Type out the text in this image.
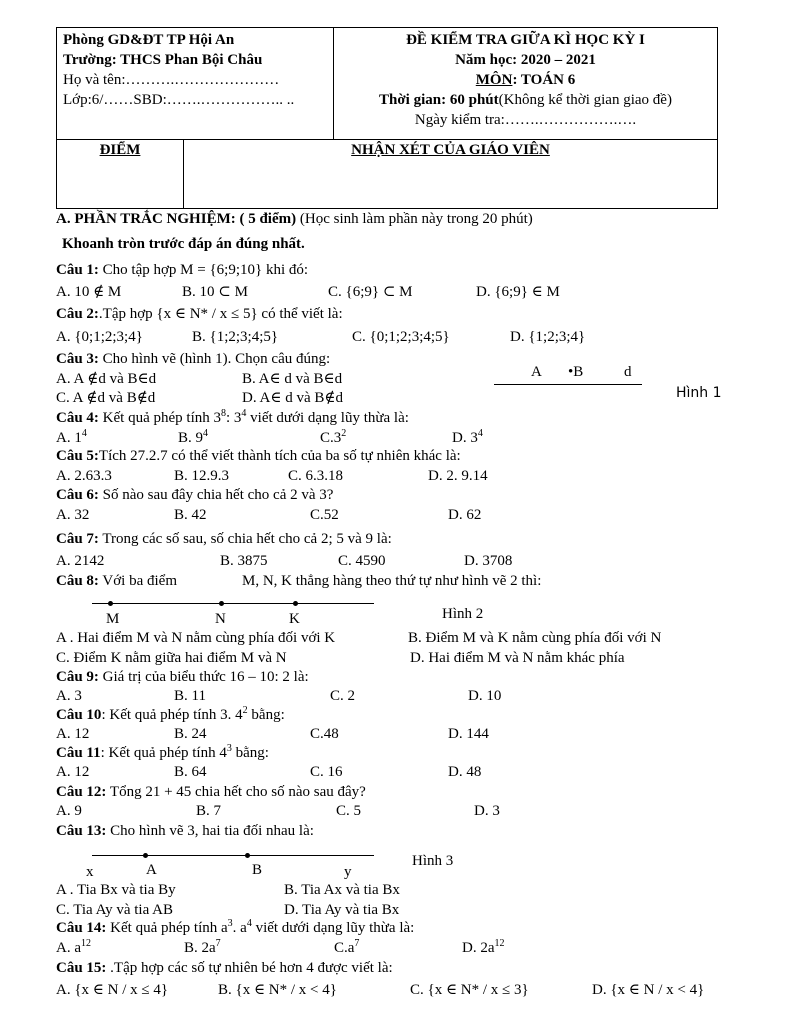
Phòng GD&ĐT TP Hội An
Trường: THCS Phan Bội Châu
Họ và tên:……….…………………
Lớp:6/……SBD:…….…………….. ..

ĐỀ KIỂM TRA GIỮA KÌ HỌC KỲ I
Năm học: 2020 – 2021
MÔN: TOÁN 6
Thời gian: 60 phút(Không kể thời gian giao đề)
Ngày kiểm tra:…….…………….….

ĐIỂM	NHẬN XÉT CỦA GIÁO VIÊN
A. PHẦN TRẮC NGHIỆM: ( 5 điểm) (Học sinh làm phần này trong 20 phút)
Khoanh tròn trước đáp án đúng nhất.
Câu 1: Cho tập hợp M = {6;9;10} khi đó:
A. 10 ∉ M	B. 10 ⊂ M	C. {6;9} ⊂ M	D. {6;9} ∈ M
Câu 2:.Tập hợp {x ∈ N* / x ≤ 5} có thể viết là:
A. {0;1;2;3;4}	B. {1;2;3;4;5}	C. {0;1;2;3;4;5}	D. {1;2;3;4}
Câu 3: Cho hình vẽ (hình 1). Chọn câu đúng:
A. A ∉d và B∈d	B. A∈ d và B∈d
C. A ∉d và B∉d	D. A∈ d và B∉d
A •B	d
Hình 1
Câu 4: Kết quả phép tính $3^8$: $3^4$ viết dưới dạng lũy thừa là:
A. $1^4$	B. $9^4$	$C.3^2$	D. $3^4$
Câu 5:Tích 27.2.7 có thể viết thành tích của ba số tự nhiên khác là:
A. 2.63.3	B. 12.9.3	C. 6.3.18	D. 2. 9.14
Câu 6: Số nào sau đây chia hết cho cả 2 và 3?
A. 32	B. 42	C.52	D. 62
Câu 7: Trong các số sau, số chia hết cho cả 2; 5 và 9 là:
A. 2142	B. 3875	C. 4590	D. 3708
Câu 8: Với ba điểm	M, N, K thẳng hàng theo thứ tự như hình vẽ 2 thì:
M	N	K	Hình 2
A . Hai điểm M và N nằm cùng phía đối với K	B. Điểm M và K nằm cùng phía đối với N
C. Điểm K nằm giữa hai điểm M và N	D. Hai điểm M và N nằm khác phía
Câu 9: Giá trị của biểu thức 16 – 10: 2 là:
A. 3	B. 11	C. 2	D. 10
Câu 10: Kết quả phép tính 3. $4^2$ bằng:
A. 12	B. 24	C.48	D. 144
Câu 11: Kết quả phép tính $4^3$ bằng:
A. 12	B. 64	C. 16	D. 48
Câu 12: Tổng 21 + 45 chia hết cho số nào sau đây?
A. 9	B. 7	C. 5	D. 3
Câu 13: Cho hình vẽ 3, hai tia đối nhau là:
x	A	B	y
Hình 3
A . Tia Bx và tia By	B. Tia Ax và tia Bx
C. Tia Ay và tia AB	D. Tia Ay và tia Bx
Câu 14: Kết quả phép tính $a^3$. $a^4$ viết dưới dạng lũy thừa là:
A. $a^{12}$	B. $2a^7$	$C.a^7$	D. $2a^{12}$
Câu 15: .Tập hợp các số tự nhiên bé hơn 4 được viết là:
A. {x ∈ N / x ≤ 4}	B. {x ∈ N* / x < 4}	C. {x ∈ N* / x ≤ 3}	D. {x ∈ N / x < 4}
